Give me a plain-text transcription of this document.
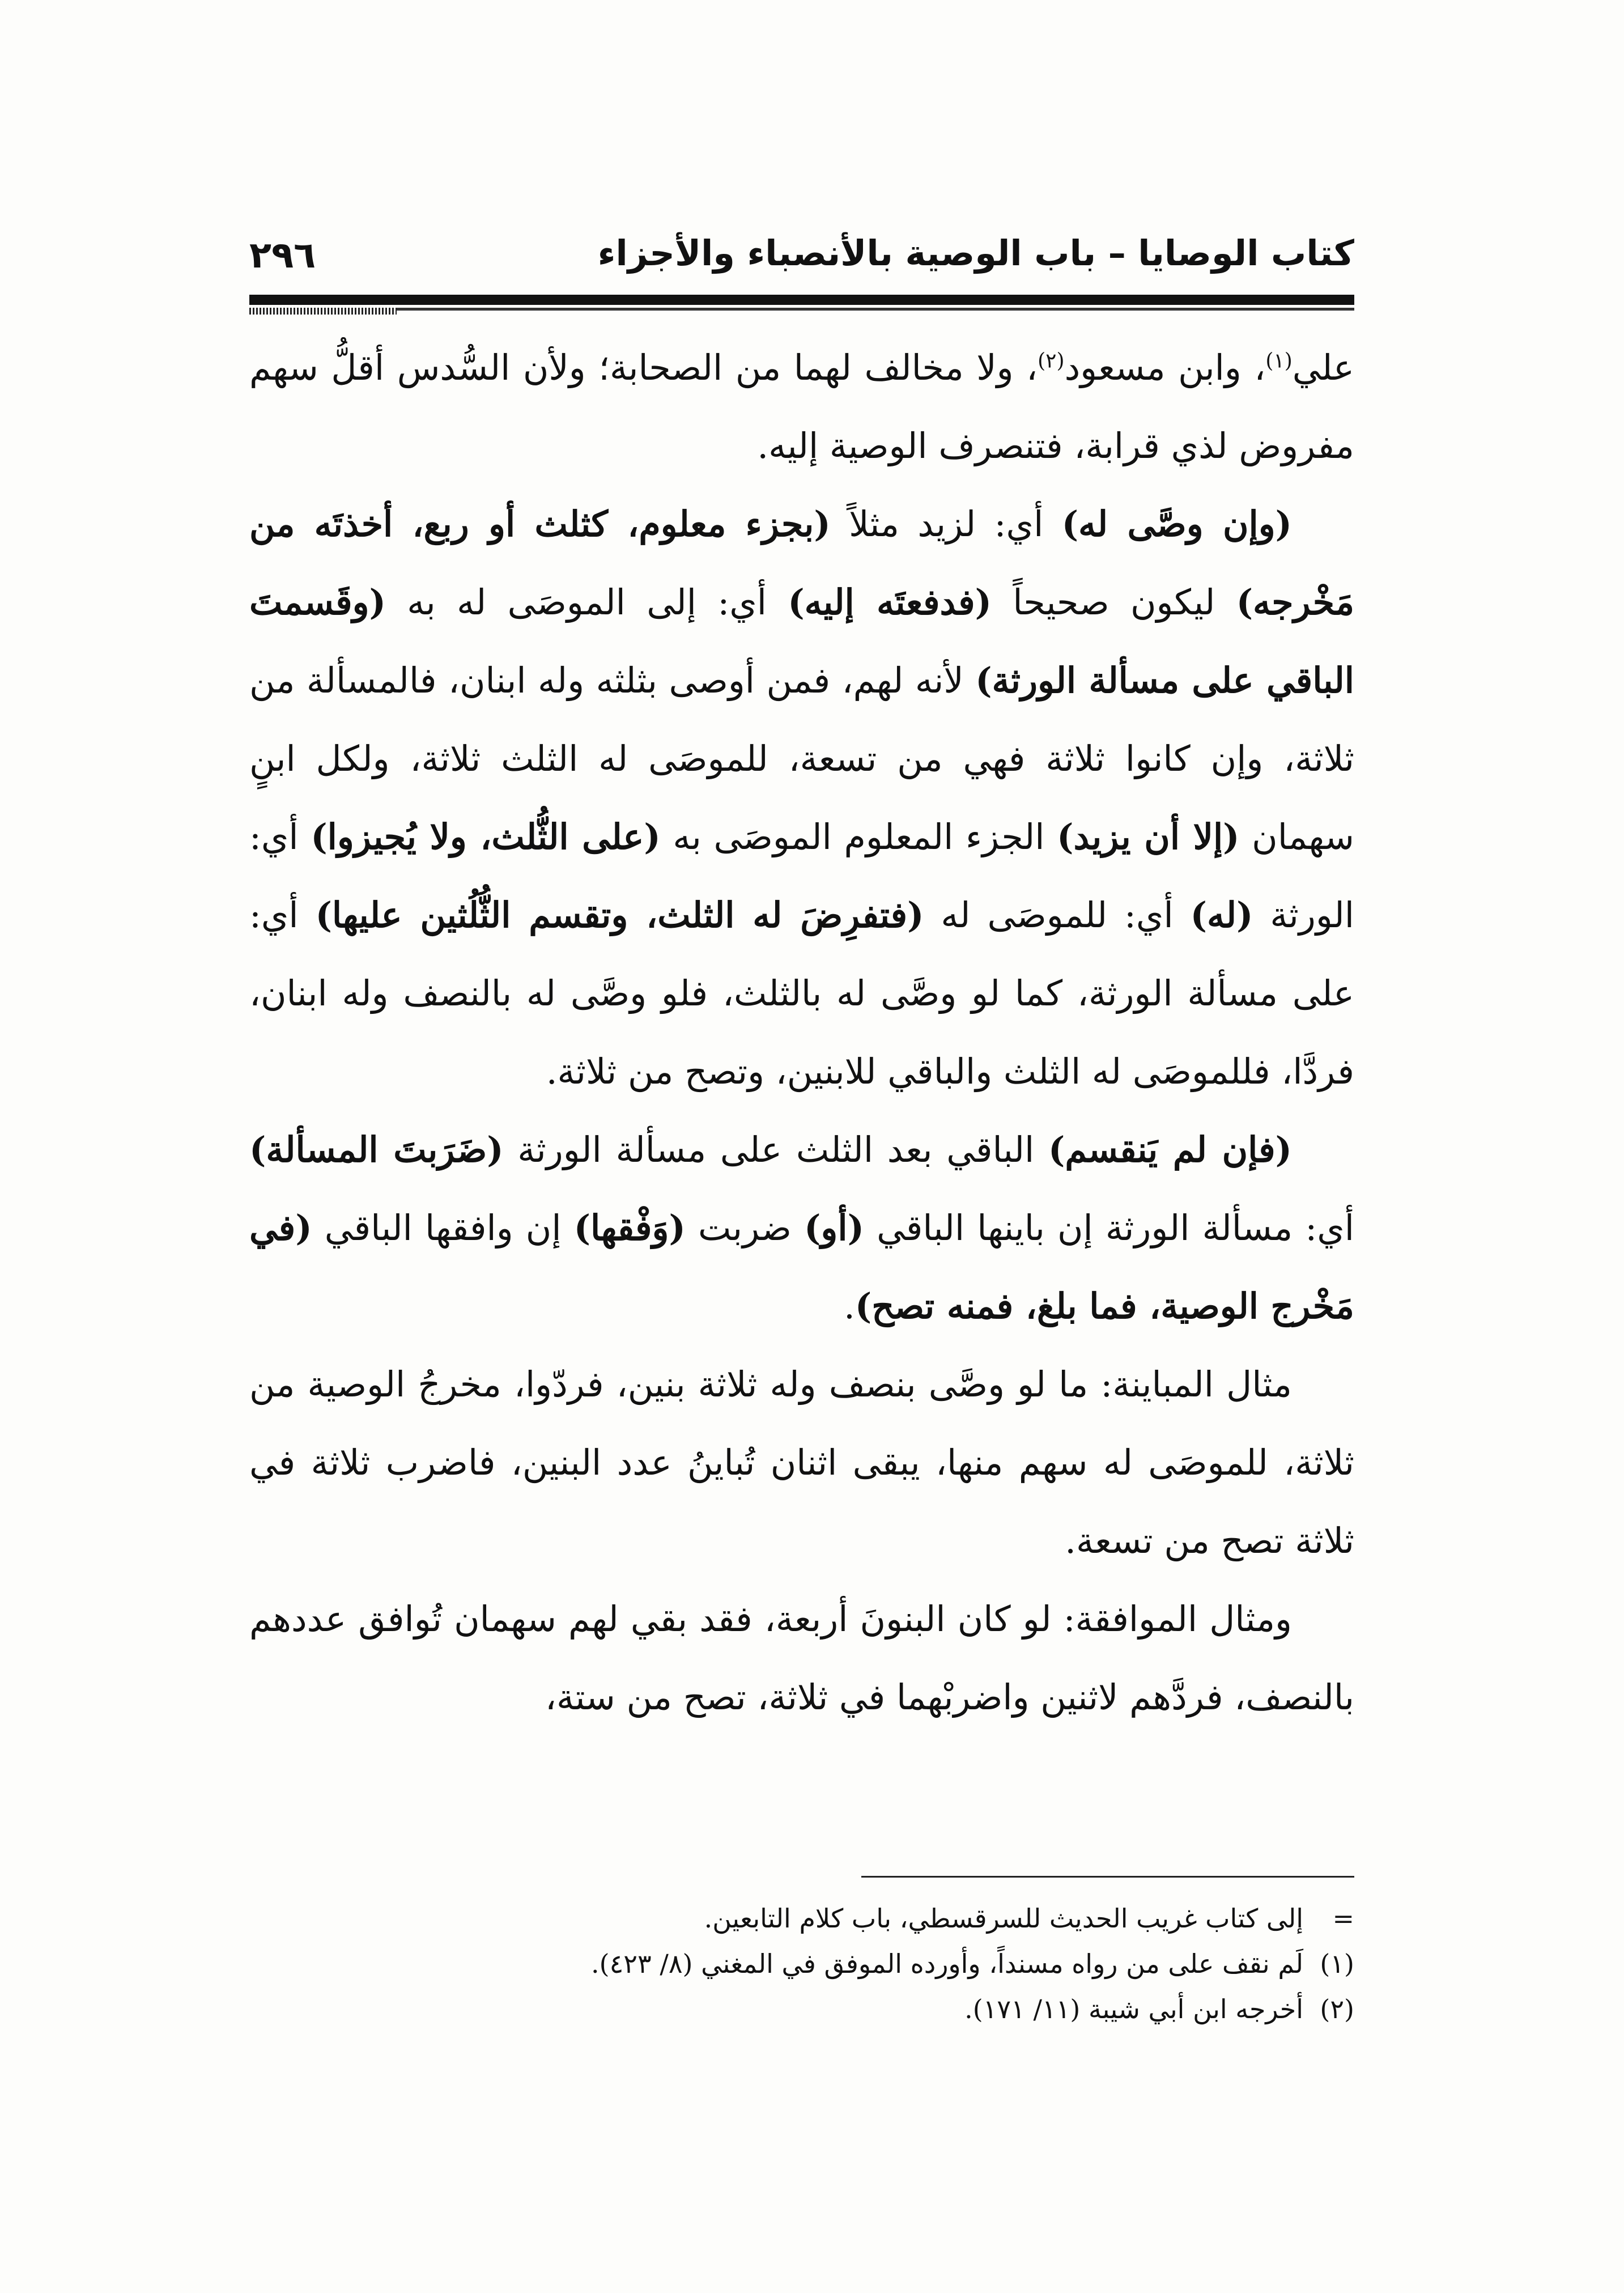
كتاب الوصايا – باب الوصية بالأنصباء والأجزاء
٢٩٦

علي$^{(١)}$، وابن مسعود$^{(٢)}$، ولا مخالف لهما من الصحابة؛ ولأن السُّدس أقلُّ سهم مفروض لذي قرابة، فتنصرف الوصية إليه.

(وإن وصَّى له) أي: لزيد مثلاً (بجزء معلوم، كثلث أو ربع، أخذتَه من مَخْرجه) ليكون صحيحاً (فدفعتَه إليه) أي: إلى الموصَى له به (وقَسمتَ الباقي على مسألة الورثة) لأنه لهم، فمن أوصى بثلثه وله ابنان، فالمسألة من ثلاثة، وإن كانوا ثلاثة فهي من تسعة، للموصَى له الثلث ثلاثة، ولكل ابنٍ سهمان (إلا أن يزيد) الجزء المعلوم الموصَى به (على الثُّلث، ولا يُجيزوا) أي: الورثة (له) أي: للموصَى له (فتفرِضَ له الثلث، وتقسم الثُّلُثين عليها) أي: على مسألة الورثة، كما لو وصَّى له بالثلث، فلو وصَّى له بالنصف وله ابنان، فردَّا، فللموصَى له الثلث والباقي للابنين، وتصح من ثلاثة.

(فإن لم يَنقسم) الباقي بعد الثلث على مسألة الورثة (ضَرَبتَ المسألة) أي: مسألة الورثة إن باينها الباقي (أو) ضربت (وَفْقها) إن وافقها الباقي (في مَخْرج الوصية، فما بلغ، فمنه تصح).

مثال المباينة: ما لو وصَّى بنصف وله ثلاثة بنين، فردّوا، مخرجُ الوصية من ثلاثة، للموصَى له سهم منها، يبقى اثنان تُباينُ عدد البنين، فاضرب ثلاثة في ثلاثة تصح من تسعة.

ومثال الموافقة: لو كان البنونَ أربعة، فقد بقي لهم سهمان تُوافق عددهم بالنصف، فردَّهم لاثنين واضربْهما في ثلاثة، تصح من ستة،

=إلى كتاب غريب الحديث للسرقسطي، باب كلام التابعين.

(١)لَم نقف على من رواه مسنداً، وأورده الموفق في المغني (٨/ ٤٢٣).

(٢)أخرجه ابن أبي شيبة (١١/ ١٧١).
